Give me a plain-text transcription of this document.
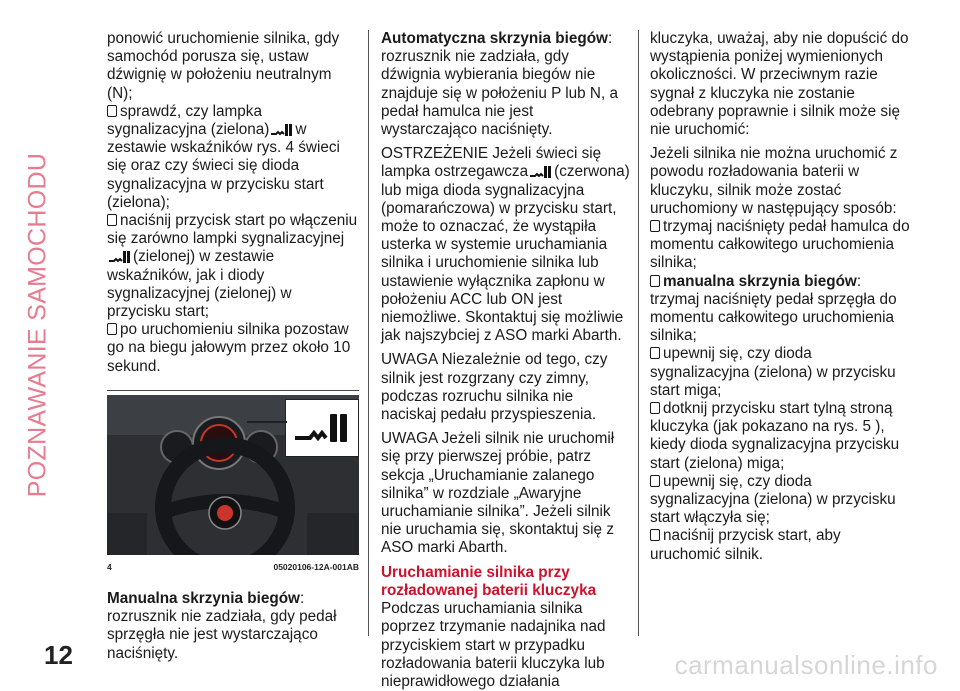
POZNAWANIE SAMOCHODU

ponowić uruchomienie silnika, gdy samochód porusza się, ustaw dźwignię w położeniu neutralnym (N);

sprawdź, czy lampka sygnalizacyjna (zielona) w zestawie wskaźników rys. 4 świeci się oraz czy świeci się dioda sygnalizacyjna w przycisku start (zielona);

naciśnij przycisk start po włączeniu się zarówno lampki sygnalizacyjnej(zielonej) w zestawie wskaźników, jak i diody sygnalizacyjnej (zielonej) w przycisku start;

po uruchomieniu silnika pozostaw go na biegu jałowym przez około 10 sekund.

4	05020106-12A-001AB

Manualna skrzynia biegów:

rozrusznik nie zadziała, gdy pedał sprzęgła nie jest wystarczająco naciśnięty.

Automatyczna skrzynia biegów:

rozrusznik nie zadziała, gdy dźwignia wybierania biegów nie znajduje się w położeniu P lub N, a pedał hamulca nie jest wystarczająco naciśnięty.

OSTRZEŻENIE Jeżeli świeci się lampka ostrzegawcza (czerwona) lub miga dioda sygnalizacyjna (pomarańczowa) w przycisku start, może to oznaczać, że wystąpiła usterka w systemie uruchamiania silnika i uruchomienie silnika lub ustawienie wyłącznika zapłonu w położeniu ACC lub ON jest niemożliwe. Skontaktuj się możliwie jak najszybciej z ASO marki Abarth.

UWAGA Niezależnie od tego, czy silnik jest rozgrzany czy zimny, podczas rozruchu silnika nie naciskaj pedału przyspieszenia.

UWAGA Jeżeli silnik nie uruchomił się przy pierwszej próbie, patrz sekcja „Uruchamianie zalanego silnika” w rozdziale „Awaryjne uruchamianie silnika”. Jeżeli silnik nie uruchamia się, skontaktuj się z ASO marki Abarth.

Uruchamianie silnika przy rozładowanej baterii kluczyka

Podczas uruchamiania silnika poprzez trzymanie nadajnika nad przyciskiem start w przypadku rozładowania baterii kluczyka lub nieprawidłowego działania

kluczyka, uważaj, aby nie dopuścić do wystąpienia poniżej wymienionych okoliczności. W przeciwnym razie sygnał z kluczyka nie zostanie odebrany poprawnie i silnik może się nie uruchomić:

Jeżeli silnika nie można uruchomić z powodu rozładowania baterii w kluczyku, silnik może zostać uruchomiony w następujący sposób:

trzymaj naciśnięty pedał hamulca do momentu całkowitego uruchomienia silnika;

manualna skrzynia biegów:
trzymaj naciśnięty pedał sprzęgła do momentu całkowitego uruchomienia silnika;

upewnij się, czy dioda sygnalizacyjna (zielona) w przycisku start miga;

dotknij przycisku start tylną stroną kluczyka (jak pokazano na rys. 5 ), kiedy dioda sygnalizacyjna przycisku start (zielona) miga;

upewnij się, czy dioda sygnalizacyjna (zielona) w przycisku start włączyła się;

naciśnij przycisk start, aby uruchomić silnik.

12	carmanualsonline.info
